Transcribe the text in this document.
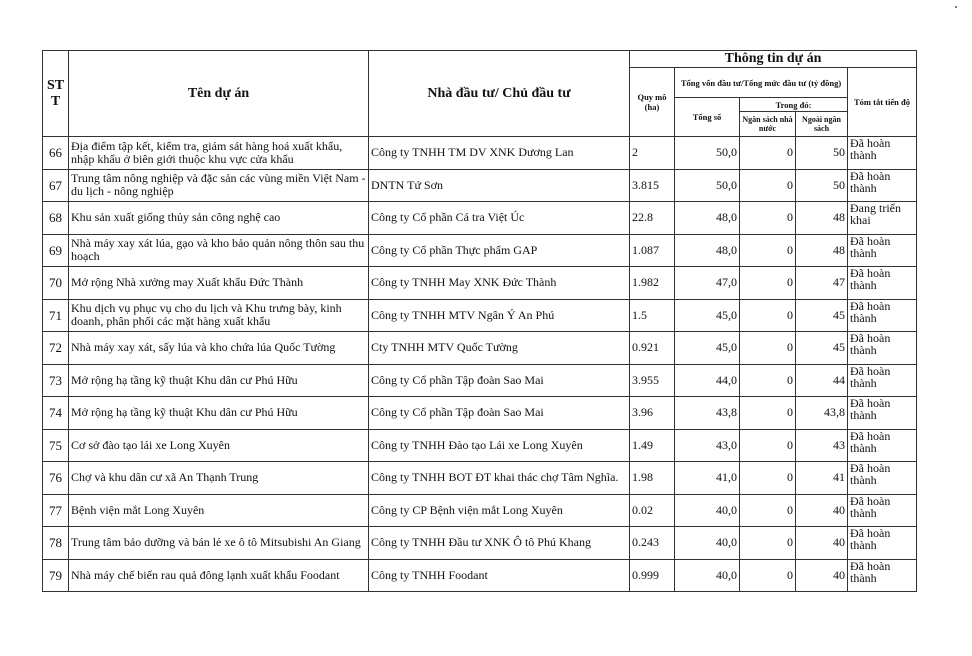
ST T	Tên dự án	Nhà đầu tư/ Chủ đầu tư	Thông tin dự án				
			Quy mô (ha)	Tổng vốn đầu tư/Tổng mức đầu tư (tỷ đồng)			Tóm tắt tiến độ
				Tổng số	Trong đó:		
					Ngân sách nhà nước	Ngoài ngân sách	
66	Địa điểm tập kết, kiểm tra, giám sát hàng hoá xuất khẩu, nhập khẩu ở biên giới thuộc khu vực cửa khẩu	Công ty TNHH TM DV XNK Dương Lan	2	50,0	0	50	Đã hoàn thành
67	Trung tâm nông nghiệp và đặc sản các vùng miền Việt Nam - du lịch - nông nghiệp	DNTN Tứ Sơn	3.815	50,0	0	50	Đã hoàn thành
68	Khu sản xuất giống thủy sản công nghệ cao	Công ty Cổ phần Cá tra Việt Úc	22.8	48,0	0	48	Đang triển khai
69	Nhà máy xay xát lúa, gạo và kho bảo quản nông thôn sau thu hoạch	Công ty Cổ phần Thực phẩm GAP	1.087	48,0	0	48	Đã hoàn thành
70	Mở rộng Nhà xưởng may Xuất khẩu Đức Thành	Công ty TNHH May XNK Đức Thành	1.982	47,0	0	47	Đã hoàn thành
71	Khu dịch vụ phục vụ cho du lịch và Khu trưng bày, kinh doanh, phân phối các mặt hàng xuất khẩu	Công ty TNHH MTV Ngân Ý An Phú	1.5	45,0	0	45	Đã hoàn thành
72	Nhà máy xay xát, sấy lúa và kho chứa lúa Quốc Tường	Cty TNHH MTV Quốc Tường	0.921	45,0	0	45	Đã hoàn thành
73	Mở rộng hạ tầng kỹ thuật Khu dân cư Phú Hữu	Công ty Cổ phần Tập đoàn Sao Mai	3.955	44,0	0	44	Đã hoàn thành
74	Mở rộng hạ tầng kỹ thuật Khu dân cư Phú Hữu	Công ty Cổ phần Tập đoàn Sao Mai	3.96	43,8	0	43,8	Đã hoàn thành
75	Cơ sở đào tạo lái xe Long Xuyên	Công ty TNHH Đào tạo Lái xe Long Xuyên	1.49	43,0	0	43	Đã hoàn thành
76	Chợ và khu dân cư xã An Thạnh Trung	Công ty TNHH BOT ĐT khai thác chợ Tâm Nghĩa.	1.98	41,0	0	41	Đã hoàn thành
77	Bệnh viện mắt Long Xuyên	Công ty CP Bệnh viện mắt Long Xuyên	0.02	40,0	0	40	Đã hoàn thành
78	Trung tâm bảo dưỡng và bán lẻ xe ô tô Mitsubishi An Giang	Công ty TNHH Đầu tư XNK Ô tô Phú Khang	0.243	40,0	0	40	Đã hoàn thành
79	Nhà máy chế biến rau quả đông lạnh xuất khẩu Foodant	Công ty TNHH Foodant	0.999	40,0	0	40	Đã hoàn thành
